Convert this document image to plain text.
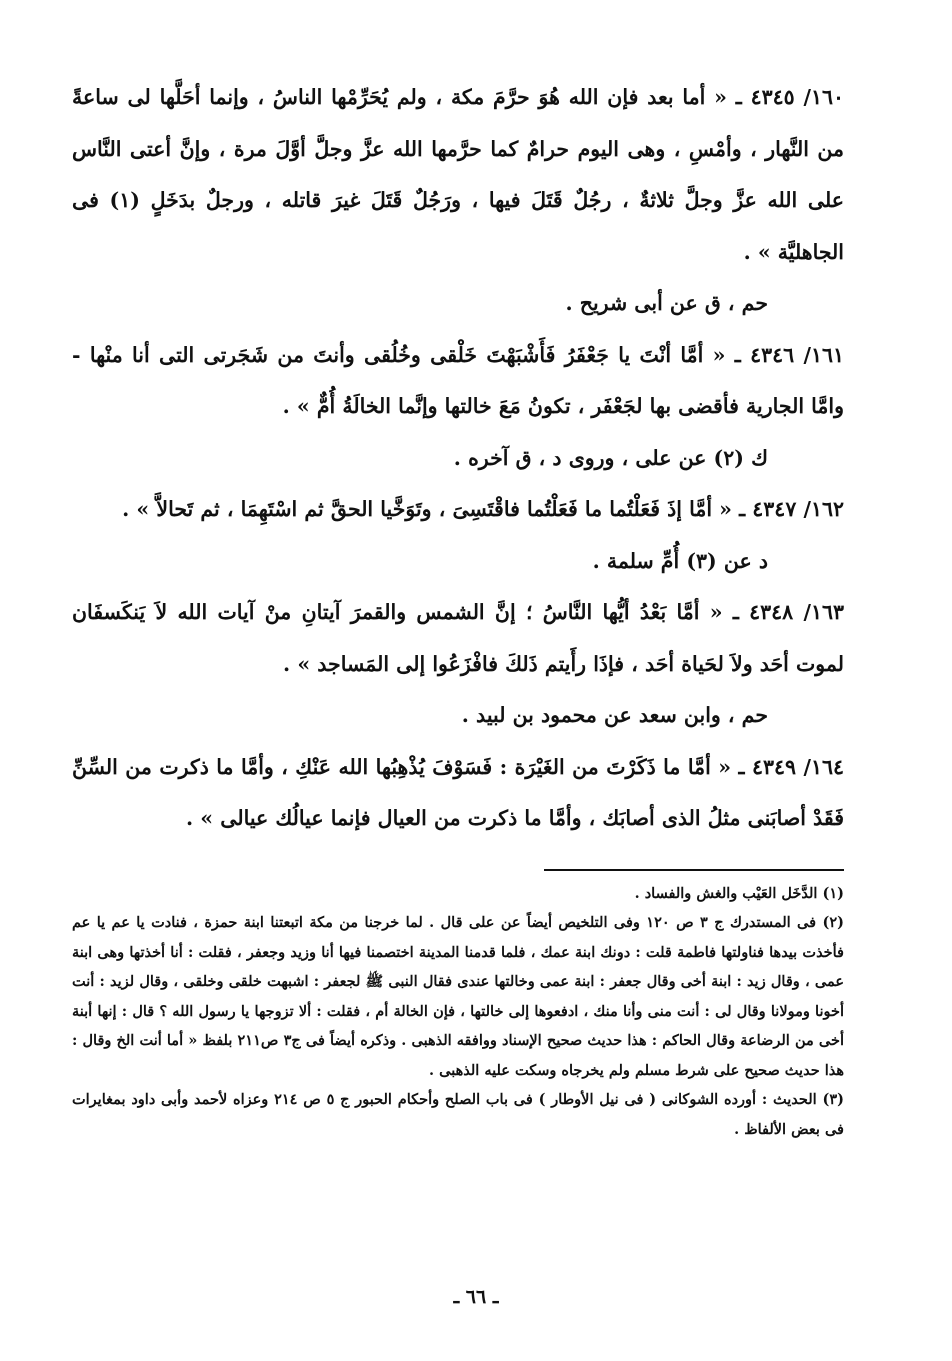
١٦٠/ ٤٣٤٥ ـ « أما بعد فإن الله هُوَ حرَّمَ مكة ، ولم يُحَرِّمْها الناسُ ، وإنما أحَلَّها لى ساعةً من النَّهار ، وأمْسِ ، وهى اليوم حرامٌ كما حرَّمها الله عزَّ وجلَّ أوَّلَ مرة ، وإنَّ أعتى النَّاس على الله عزَّ وجلَّ ثلاثةٌ ، رجُلٌ قَتَلَ فيها ، ورَجُلٌ قَتَلَ غيرَ قاتله ، ورجلٌ بدَخَلٍ (١) فى الجاهليَّة » .

حم ، ق عن أبى شريح .

١٦١/ ٤٣٤٦ ـ « أمَّا أنْتَ يا جَعْفَرُ فَأَشْبَهْتَ خَلْقى وخُلُقى وأنتَ من شَجَرتى التى أنا منْها - وامَّا الجارية فأقضى بها لجَعْفَر ، تكونُ مَعَ خالتها وإنَّما الخالَةُ أُمٌّ » .

ك (٢) عن على ، وروى د ، ق آخره .

١٦٢/ ٤٣٤٧ ـ « أمَّا إذَ فَعَلْتُما ما فَعَلْتُما فاقْتَسِىَ ، وتَوَخَّيا الحقَّ ثم اسْتَهِمَا ، ثم تَحالاَّ » .

د عن (٣) أُمِّ سلمة .

١٦٣/ ٤٣٤٨ ـ « أمَّا بَعْدُ أيُّها النَّاسُ ؛ إنَّ الشمس والقمرَ آيتانِ منْ آيات الله لاَ يَنكَسفَان لموت أحَد ولاَ لحَياة أحَد ، فإذَا رأَيتم ذَلكَ فافْزَعُوا إلى المَساجد » .

حم ، وابن سعد عن محمود بن لبيد .

١٦٤/ ٤٣٤٩ ـ « أمَّا ما ذَكَرْتَ من الغَيْرَة : فَسَوْفَ يُذْهِبُها الله عَنْكِ ، وأمَّا ما ذكرت من السِّنِّ فَقَدْ أصابَنى مثلُ الذى أصابَك ، وأمَّا ما ذكرت من العيال فإنما عيالُك عيالى » .

(١) الدَّخَل العَيْب والغش والفساد .

(٢) فى المستدرك ج ٣ ص ١٢٠ وفى التلخيص أيضاً عن على قال . لما خرجنا من مكة اتبعتنا ابنة حمزة ، فنادت يا عم يا عم فأخذت بيدها فناولتها فاطمة قلت : دونك ابنة عمك ، فلما قدمنا المدينة اختصمنا فيها أنا وزيد وجعفر ، فقلت : أنا أخذتها وهى ابنة عمى ، وقال زيد : ابنة أخى وقال جعفر : ابنة عمى وخالتها عندى فقال النبى ﷺ لجعفر : اشبهت خلقى وخلقى ، وقال لزيد : أنت أخونا ومولانا وقال لى : أنت منى وأنا منك ، ادفعوها إلى خالتها ، فإن الخالة أم ، فقلت : ألا تزوجها يا رسول الله ؟ قال : إنها أبنة أخى من الرضاعة وقال الحاكم : هذا حديث صحيح الإسناد ووافقه الذهبى . وذكره أيضاً فى ج٣ ص٢١١ بلفظ « أما أنت الخ وقال : هذا حديث صحيح على شرط مسلم ولم يخرجاه وسكت عليه الذهبى .

(٣) الحديث : أورده الشوكانى ( فى نيل الأوطار ) فى باب الصلح وأحكام الحبور ج ٥ ص ٢١٤ وعزاه لأحمد وأبى داود بمغايرات فى بعض الألفاظ .

ـ ٦٦ ـ
